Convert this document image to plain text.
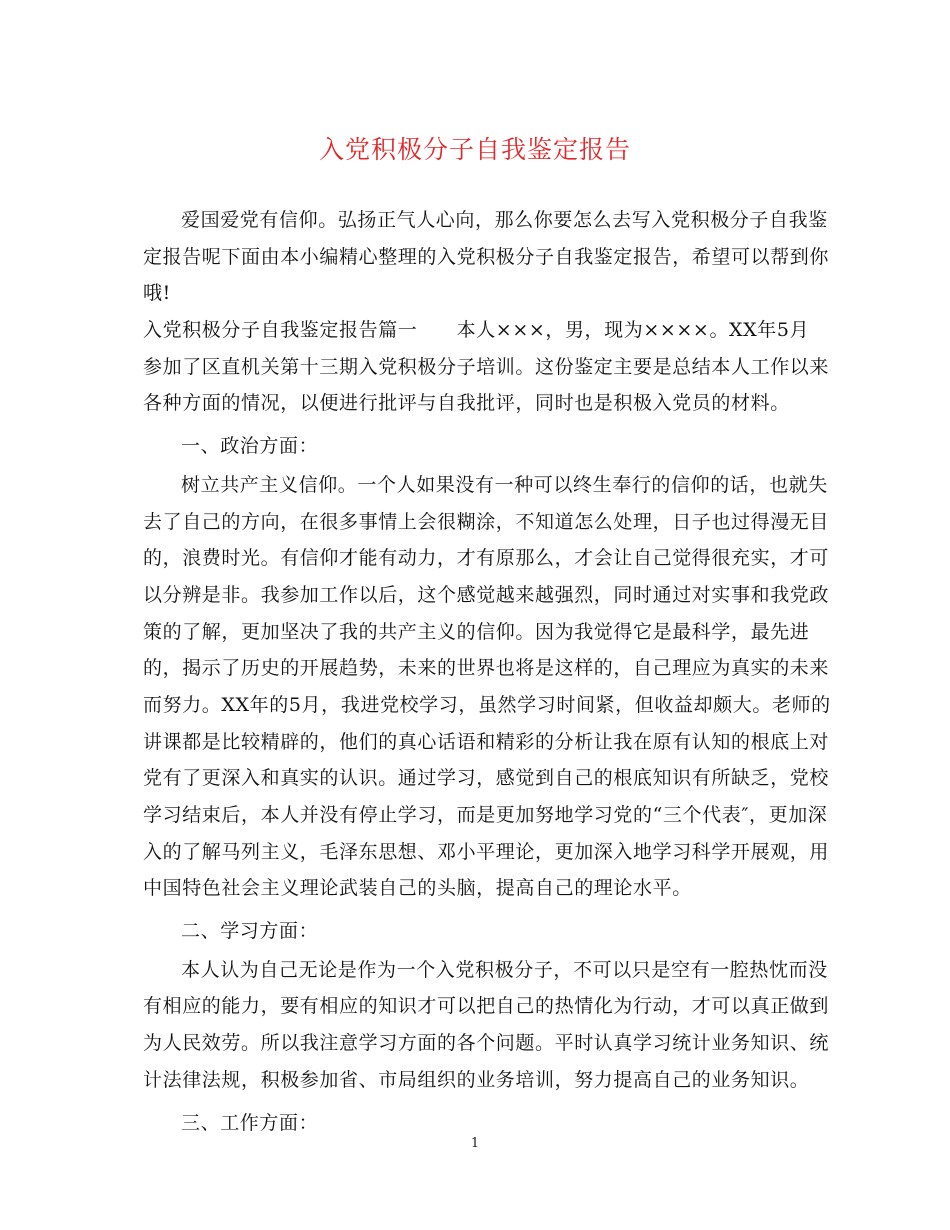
入党积极分子自我鉴定报告
爱国爱党有信仰。弘扬正气人心向，那么你要怎么去写入党积极分子自我鉴
定报告呢下面由本小编精心整理的入党积极分子自我鉴定报告，希望可以帮到你
哦!
入党积极分子自我鉴定报告篇一　　本人×××，男，现为××××。XX年5月
参加了区直机关第十三期入党积极分子培训。这份鉴定主要是总结本人工作以来
各种方面的情况，以便进行批评与自我批评，同时也是积极入党员的材料。
一、政治方面：
树立共产主义信仰。一个人如果没有一种可以终生奉行的信仰的话，也就失
去了自己的方向，在很多事情上会很糊涂，不知道怎么处理，日子也过得漫无目
的，浪费时光。有信仰才能有动力，才有原那么，才会让自己觉得很充实，才可
以分辨是非。我参加工作以后，这个感觉越来越强烈，同时通过对实事和我党政
策的了解，更加坚决了我的共产主义的信仰。因为我觉得它是最科学，最先进
的，揭示了历史的开展趋势，未来的世界也将是这样的，自己理应为真实的未来
而努力。XX年的5月，我进党校学习，虽然学习时间紧，但收益却颇大。老师的
讲课都是比较精辟的，他们的真心话语和精彩的分析让我在原有认知的根底上对
党有了更深入和真实的认识。通过学习，感觉到自己的根底知识有所缺乏，党校
学习结束后，本人并没有停止学习，而是更加努地学习党的“三个代表″，更加深
入的了解马列主义，毛泽东思想、邓小平理论，更加深入地学习科学开展观，用
中国特色社会主义理论武装自己的头脑，提高自己的理论水平。
二、学习方面：
本人认为自己无论是作为一个入党积极分子，不可以只是空有一腔热忱而没
有相应的能力，要有相应的知识才可以把自己的热情化为行动，才可以真正做到
为人民效劳。所以我注意学习方面的各个问题。平时认真学习统计业务知识、统
计法律法规，积极参加省、市局组织的业务培训，努力提高自己的业务知识。
三、工作方面：
1
